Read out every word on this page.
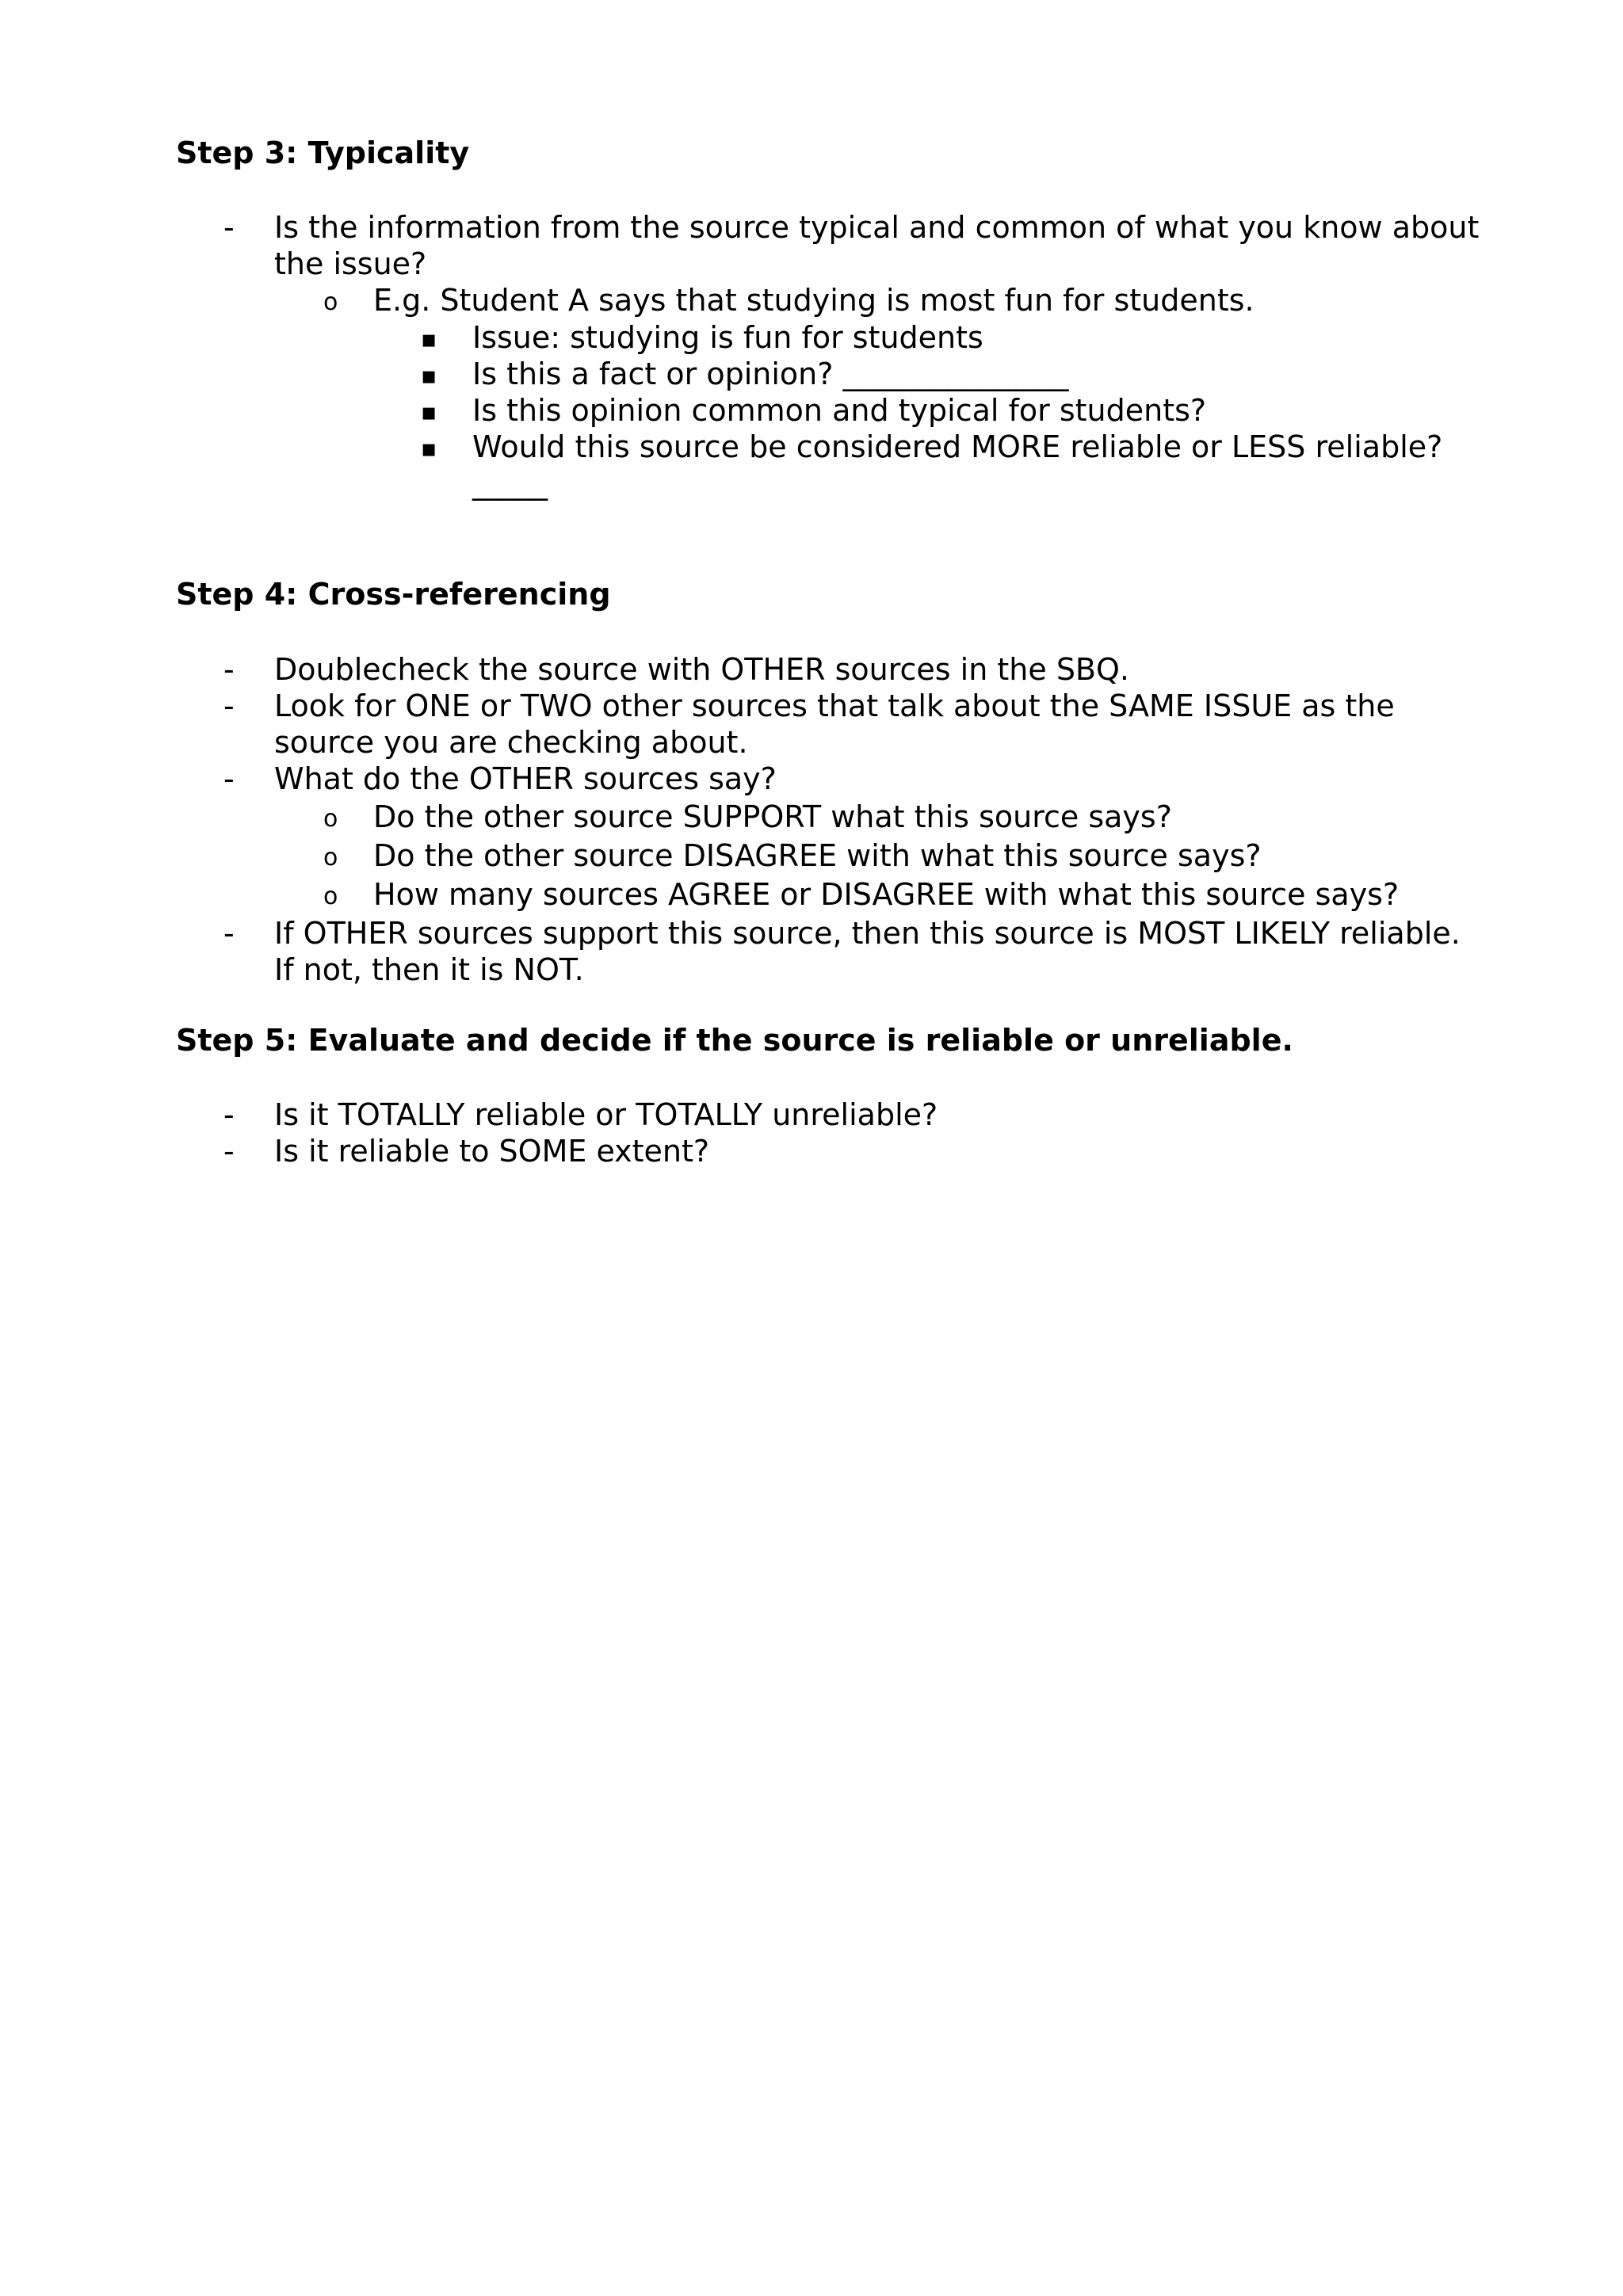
Step 3: Typicality
- Is the information from the source typical and common of what you know about
the issue?
o E.g. Student A says that studying is most fun for students.
▪ Issue: studying is fun for students
▪ Is this a fact or opinion? _______________
▪ Is this opinion common and typical for students?
▪ Would this source be considered MORE reliable or LESS reliable?
_____
Step 4: Cross-referencing
- Doublecheck the source with OTHER sources in the SBQ.
- Look for ONE or TWO other sources that talk about the SAME ISSUE as the
source you are checking about.
- What do the OTHER sources say?
o Do the other source SUPPORT what this source says?
o Do the other source DISAGREE with what this source says?
o How many sources AGREE or DISAGREE with what this source says?
- If OTHER sources support this source, then this source is MOST LIKELY reliable.
If not, then it is NOT.
Step 5: Evaluate and decide if the source is reliable or unreliable.
- Is it TOTALLY reliable or TOTALLY unreliable?
- Is it reliable to SOME extent?
